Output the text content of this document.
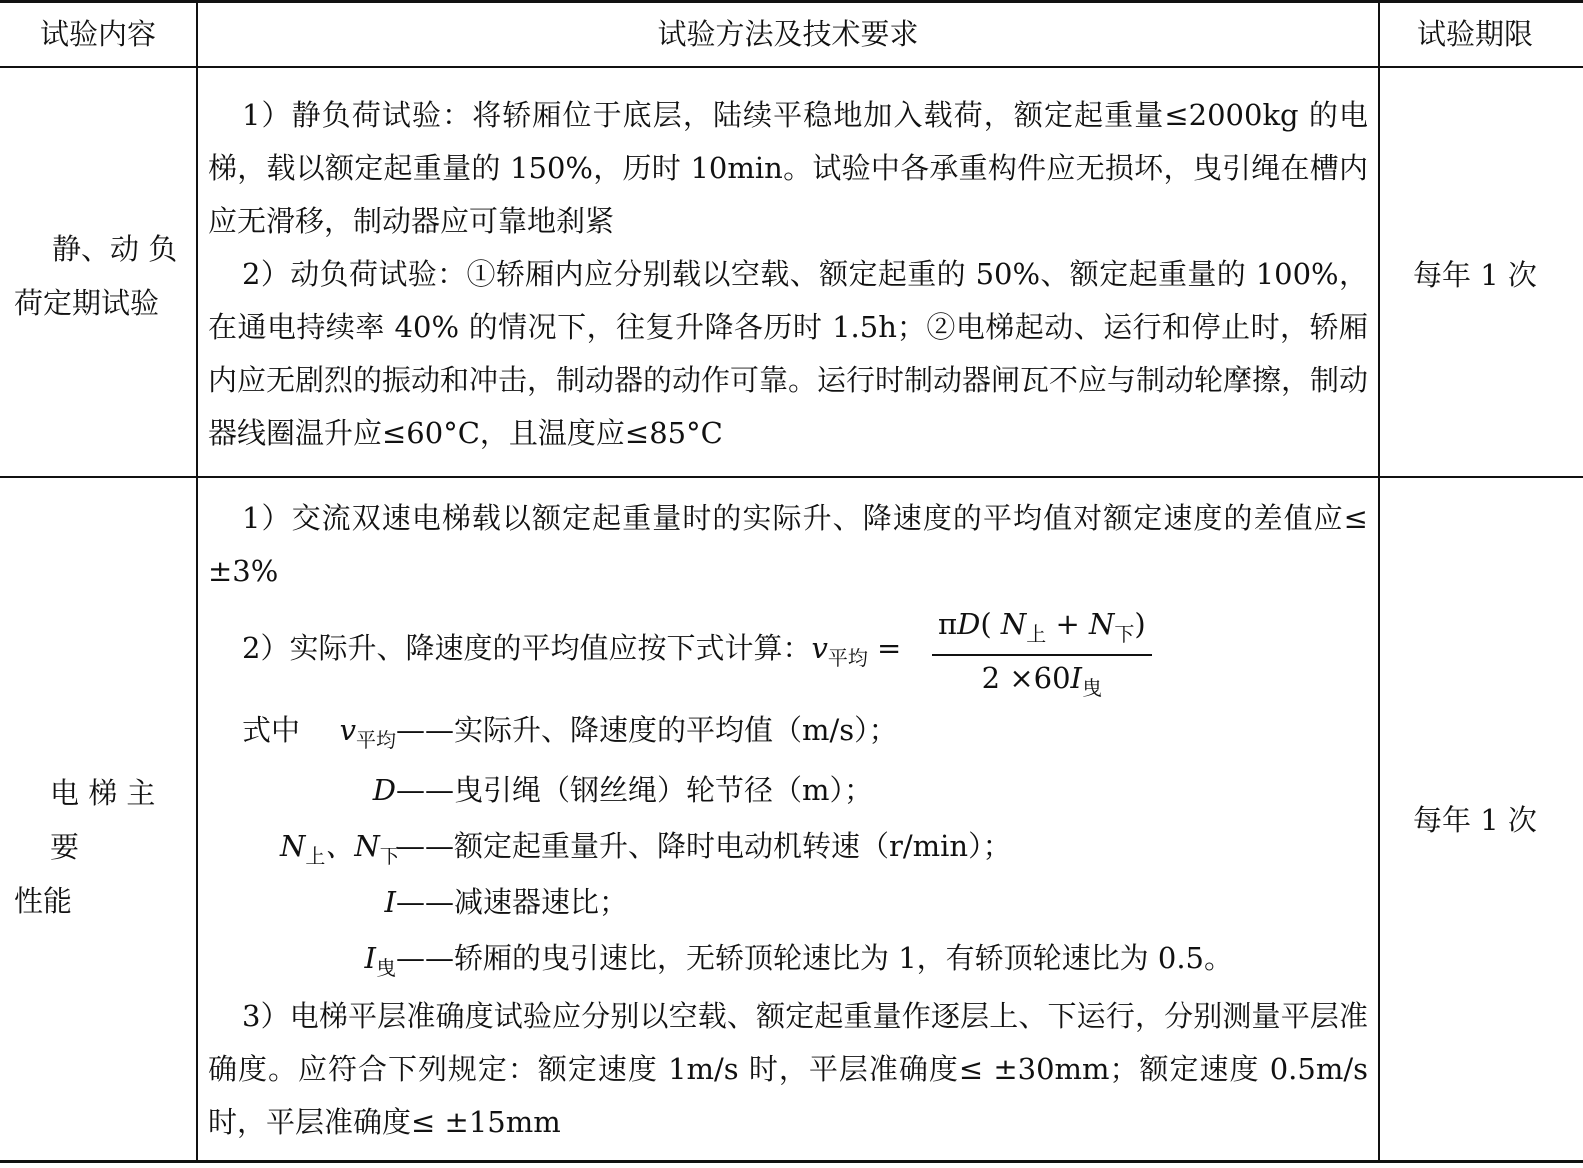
试验内容	试验方法及技术要求	试验期限
静、动 负
荷定期试验
每年 1 次
1）静负荷试验：将轿厢位于底层，陆续平稳地加入载荷，额定起重量≤2000kg 的电梯，载以额定起重量的 150%，历时 10min。试验中各承重构件应无损坏，曳引绳在槽内应无滑移，制动器应可靠地刹紧
2）动负荷试验：①轿厢内应分别载以空载、额定起重的 50%、额定起重量的 100%，在通电持续率 40% 的情况下，往复升降各历时 1.5h；②电梯起动、运行和停止时，轿厢内应无剧烈的振动和冲击，制动器的动作可靠。运行时制动器闸瓦不应与制动轮摩擦，制动器线圈温升应≤60°C，且温度应≤85°C
电 梯 主 要
性能
每年 1 次
1）交流双速电梯载以额定起重量时的实际升、降速度的平均值对额定速度的差值应≤ ±3%
2）实际升、降速度的平均值应按下式计算：$v_{平均}$ =
πD( $N_上 + N_下$)
$2 \times 60I_曳$
式中 $v_{平均}——$实际升、降速度的平均值（m/s）；
D——曳引绳（钢丝绳）轮节径（m）；
$N_上$、$N_下——$额定起重量升、降时电动机转速（r/min）；
I——减速器速比；
$I_曳——$轿厢的曳引速比，无轿顶轮速比为 1，有轿顶轮速比为 0.5。
3）电梯平层准确度试验应分别以空载、额定起重量作逐层上、下运行，分别测量平层准确度。应符合下列规定：额定速度 1m/s 时，平层准确度≤ ±30mm；额定速度 0.5m/s 时，平层准确度≤ ±15mm
